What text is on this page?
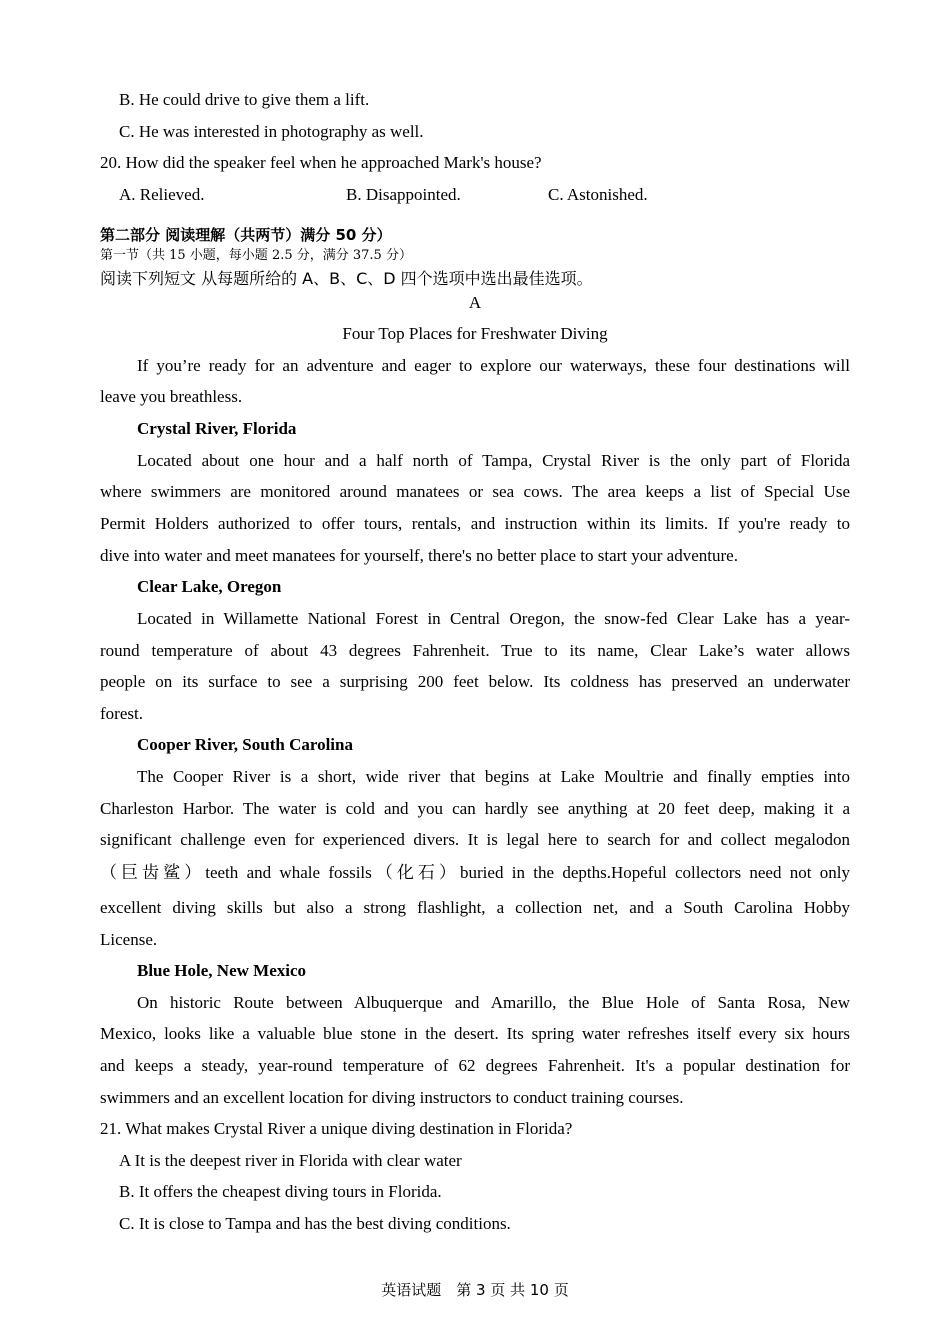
B. He could drive to give them a lift.
C. He was interested in photography as well.
20. How did the speaker feel when he approached Mark's house?
A. Relieved.	B. Disappointed.	C. Astonished.
第二部分 阅读理解（共两节）满分 50 分）
第一节（共 15 小题，每小题 2.5 分，满分 37.5 分）
阅读下列短文 从每题所给的 A、B、C、D 四个选项中选出最佳选项。
A
Four Top Places for Freshwater Diving
If you’re ready for an adventure and eager to explore our waterways, these four destinations will
leave you breathless.
Crystal River, Florida
Located about one hour and a half north of Tampa, Crystal River is the only part of Florida
where swimmers are monitored around manatees or sea cows. The area keeps a list of Special Use
Permit Holders authorized to offer tours, rentals, and instruction within its limits. If you're ready to
dive into water and meet manatees for yourself, there's no better place to start your adventure.
Clear Lake, Oregon
Located in Willamette National Forest in Central Oregon, the snow-fed Clear Lake has a year-
round temperature of about 43 degrees Fahrenheit. True to its name, Clear Lake’s water allows
people on its surface to see a surprising 200 feet below. Its coldness has preserved an underwater
forest.
Cooper River, South Carolina
The Cooper River is a short, wide river that begins at Lake Moultrie and finally empties into
Charleston Harbor. The water is cold and you can hardly see anything at 20 feet deep, making it a
significant challenge even for experienced divers. It is legal here to search for and collect megalodon
（巨齿鲨）teeth and whale fossils（化石）buried in the depths.Hopeful collectors need not only
excellent diving skills but also a strong flashlight, a collection net, and a South Carolina Hobby
License.
Blue Hole, New Mexico
On historic Route between Albuquerque and Amarillo, the Blue Hole of Santa Rosa, New
Mexico, looks like a valuable blue stone in the desert. Its spring water refreshes itself every six hours
and keeps a steady, year-round temperature of 62 degrees Fahrenheit. It's a popular destination for
swimmers and an excellent location for diving instructors to conduct training courses.
21. What makes Crystal River a unique diving destination in Florida?
A It is the deepest river in Florida with clear water
B. It offers the cheapest diving tours in Florida.
C. It is close to Tampa and has the best diving conditions.
英语试题　第 3 页 共 10 页
